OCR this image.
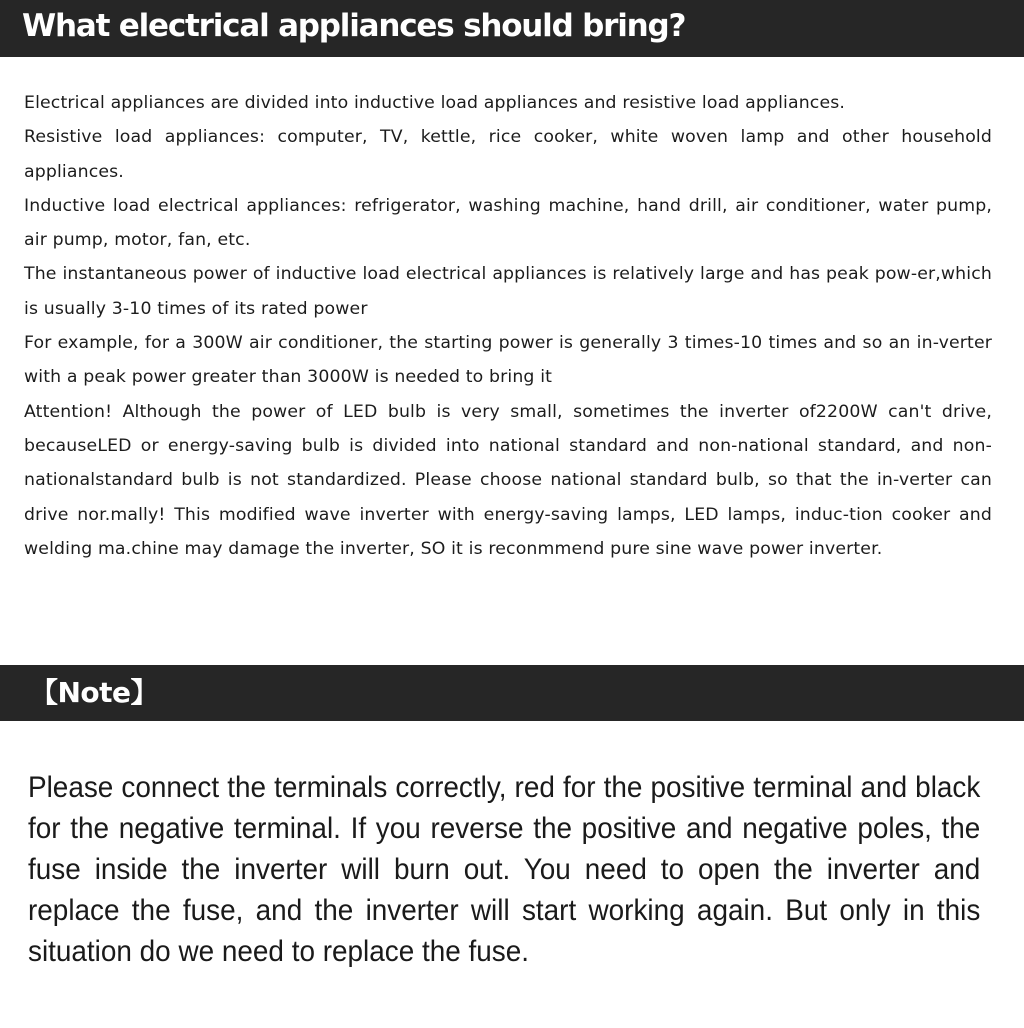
What electrical appliances should bring?

Electrical appliances are divided into inductive load appliances and resistive load appliances.

Resistive load appliances: computer, TV, kettle, rice cooker, white woven lamp and other household appliances.

Inductive load electrical appliances: refrigerator, washing machine, hand drill, air conditioner, water pump, air pump, motor, fan, etc.

The instantaneous power of inductive load electrical appliances is relatively large and has peak pow-er,which is usually 3-10 times of its rated power

For example, for a 300W air conditioner, the starting power is generally 3 times-10 times and so an in-verter with a peak power greater than 3000W is needed to bring it

Attention! Although the power of LED bulb is very small, sometimes the inverter of2200W can't drive, becauseLED or energy-saving bulb is divided into national standard and non-national standard, and non-nationalstandard bulb is not standardized. Please choose national standard bulb, so that the in-verter can drive nor.mally! This modified wave inverter with energy-saving lamps, LED lamps, induc-tion cooker and welding ma.chine may damage the inverter, SO it is reconmmend pure sine wave power inverter.

【Note】

Please connect the terminals correctly, red for the positive terminal and black for the negative terminal. If you reverse the positive and negative poles, the fuse inside the inverter will burn out. You need to open the inverter and replace the fuse, and the inverter will start working again. But only in this situation do we need to replace the fuse.
